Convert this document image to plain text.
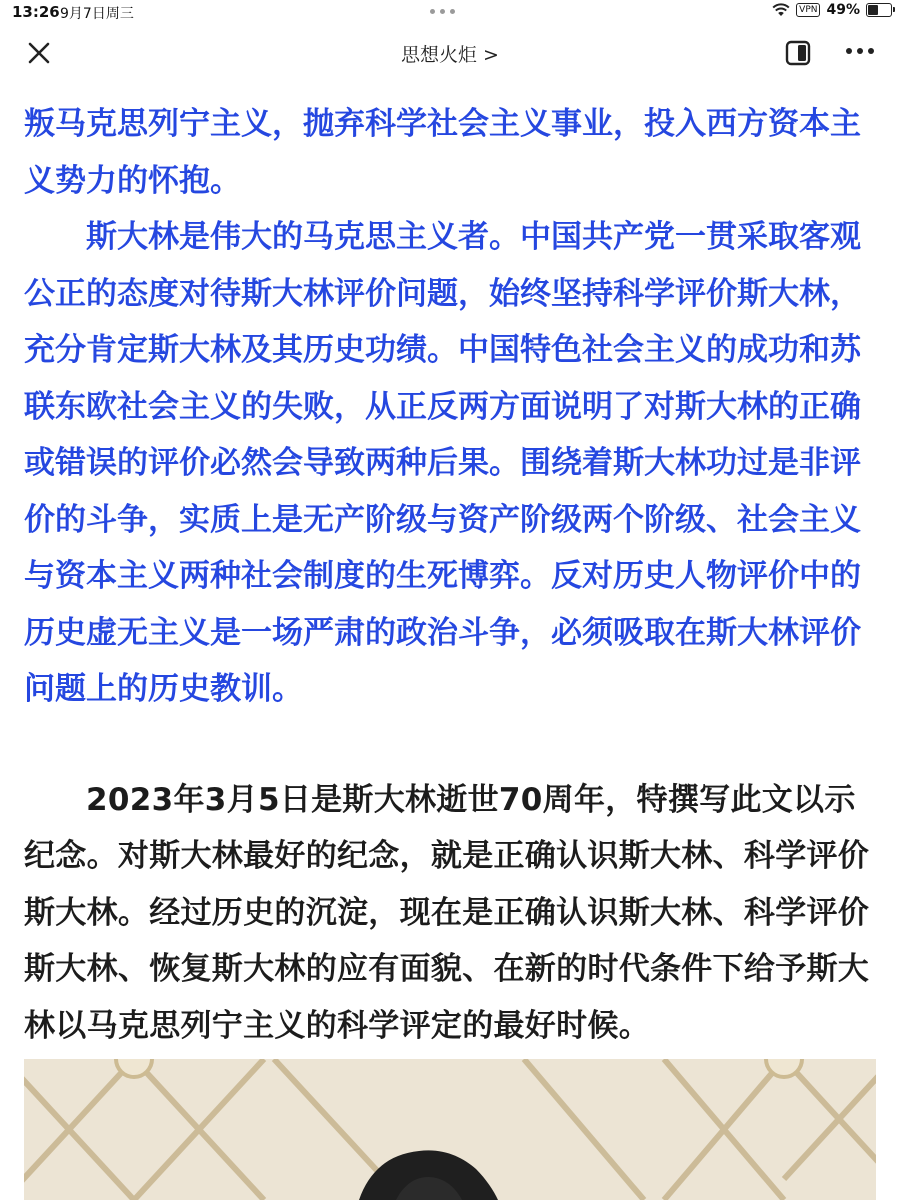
13:26 9月7日周三	VPN 49%
思想火炬 >

叛马克思列宁主义，抛弃科学社会主义事业，投入西方资本主义势力的怀抱。

斯大林是伟大的马克思主义者。中国共产党一贯采取客观公正的态度对待斯大林评价问题，始终坚持科学评价斯大林，充分肯定斯大林及其历史功绩。中国特色社会主义的成功和苏联东欧社会主义的失败，从正反两方面说明了对斯大林的正确或错误的评价必然会导致两种后果。围绕着斯大林功过是非评价的斗争，实质上是无产阶级与资产阶级两个阶级、社会主义与资本主义两种社会制度的生死博弈。反对历史人物评价中的历史虚无主义是一场严肃的政治斗争，必须吸取在斯大林评价问题上的历史教训。

2023年3月5日是斯大林逝世70周年，特撰写此文以示纪念。对斯大林最好的纪念，就是正确认识斯大林、科学评价斯大林。经过历史的沉淀，现在是正确认识斯大林、科学评价斯大林、恢复斯大林的应有面貌、在新的时代条件下给予斯大林以马克思列宁主义的科学评定的最好时候。
